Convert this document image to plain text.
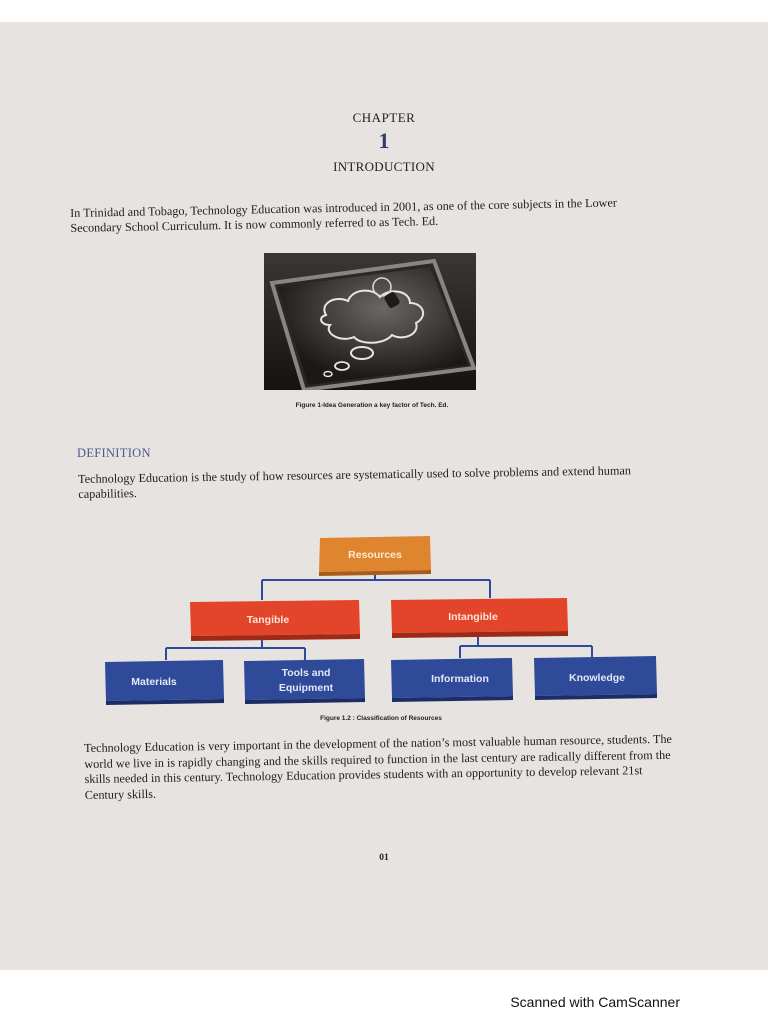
CHAPTER
1
INTRODUCTION
In Trinidad and Tobago, Technology Education was introduced in 2001, as one of the core subjects in the Lower Secondary School Curriculum. It is now commonly referred to as Tech. Ed.
Figure 1-Idea Generation a key factor of Tech. Ed.
DEFINITION
Technology Education is the study of how resources are systematically used to solve problems and extend human capabilities.
Resources
Tangible	Intangible
Materials
Tools and
Equipment
Information	Knowledge
Figure 1.2 : Classification of Resources
Technology Education is very important in the development of the nation’s most valuable human resource, students. The world we live in is rapidly changing and the skills required to function in the last century are radically different from the skills needed in this century. Technology Education provides students with an opportunity to develop relevant 21st Century skills.
01
Scanned with CamScanner
